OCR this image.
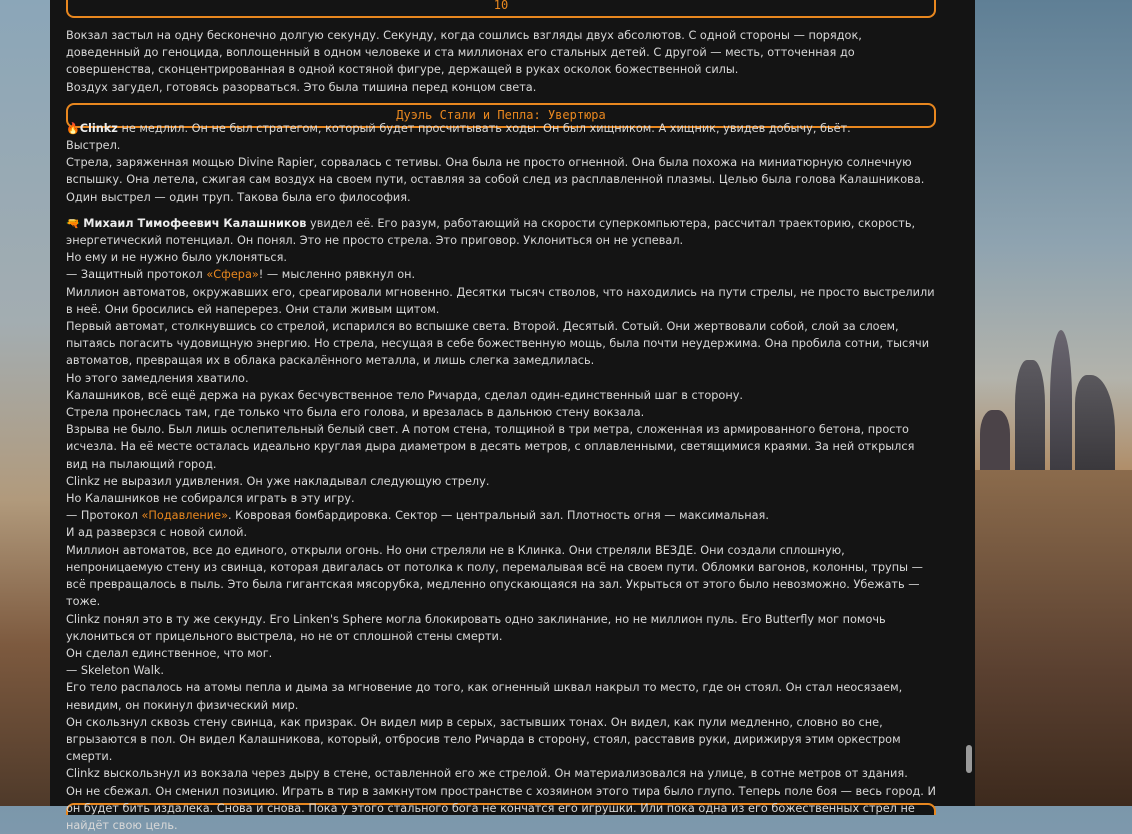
10
Дуэль Стали и Пепла: Увертюра

Вокзал застыл на одну бесконечно долгую секунду. Секунду, когда сошлись взгляды двух абсолютов. С одной стороны — порядок, доведенный до геноцида, воплощенный в одном человеке и ста миллионах его стальных детей. С другой — месть, отточенная до совершенства, сконцентрированная в одной костяной фигуре, держащей в руках осколок божественной силы.

Воздух загудел, готовясь разорваться. Это была тишина перед концом света.

🔥Clinkz не медлил. Он не был стратегом, который будет просчитывать ходы. Он был хищником. А хищник, увидев добычу, бьёт.

Выстрел.

Стрела, заряженная мощью Divine Rapier, сорвалась с тетивы. Она была не просто огненной. Она была похожа на миниатюрную солнечную вспышку. Она летела, сжигая сам воздух на своем пути, оставляя за собой след из расплавленной плазмы. Целью была голова Калашникова. Один выстрел — один труп. Такова была его философия.

🔫 Михаил Тимофеевич Калашников увидел её. Его разум, работающий на скорости суперкомпьютера, рассчитал траекторию, скорость, энергетический потенциал. Он понял. Это не просто стрела. Это приговор. Уклониться он не успевал.

Но ему и не нужно было уклоняться.

— Защитный протокол «Сфера»! — мысленно рявкнул он.

Миллион автоматов, окружавших его, среагировали мгновенно. Десятки тысяч стволов, что находились на пути стрелы, не просто выстрелили в неё. Они бросились ей наперерез. Они стали живым щитом.

Первый автомат, столкнувшись со стрелой, испарился во вспышке света. Второй. Десятый. Сотый. Они жертвовали собой, слой за слоем, пытаясь погасить чудовищную энергию. Но стрела, несущая в себе божественную мощь, была почти неудержима. Она пробила сотни, тысячи автоматов, превращая их в облака раскалённого металла, и лишь слегка замедлилась.

Но этого замедления хватило.

Калашников, всё ещё держа на руках бесчувственное тело Ричарда, сделал один-единственный шаг в сторону.

Стрела пронеслась там, где только что была его голова, и врезалась в дальнюю стену вокзала.

Взрыва не было. Был лишь ослепительный белый свет. А потом стена, толщиной в три метра, сложенная из армированного бетона, просто исчезла. На её месте осталась идеально круглая дыра диаметром в десять метров, с оплавленными, светящимися краями. За ней открылся вид на пылающий город.

Clinkz не выразил удивления. Он уже накладывал следующую стрелу.

Но Калашников не собирался играть в эту игру.

— Протокол «Подавление». Ковровая бомбардировка. Сектор — центральный зал. Плотность огня — максимальная.

И ад разверзся с новой силой.

Миллион автоматов, все до единого, открыли огонь. Но они стреляли не в Клинка. Они стреляли ВЕЗДЕ. Они создали сплошную, непроницаемую стену из свинца, которая двигалась от потолка к полу, перемалывая всё на своем пути. Обломки вагонов, колонны, трупы — всё превращалось в пыль. Это была гигантская мясорубка, медленно опускающаяся на зал. Укрыться от этого было невозможно. Убежать — тоже.

Clinkz понял это в ту же секунду. Его Linken's Sphere могла блокировать одно заклинание, но не миллион пуль. Его Butterfly мог помочь уклониться от прицельного выстрела, но не от сплошной стены смерти.

Он сделал единственное, что мог.

— Skeleton Walk.

Его тело распалось на атомы пепла и дыма за мгновение до того, как огненный шквал накрыл то место, где он стоял. Он стал неосязаем, невидим, он покинул физический мир.

Он скользнул сквозь стену свинца, как призрак. Он видел мир в серых, застывших тонах. Он видел, как пули медленно, словно во сне, вгрызаются в пол. Он видел Калашникова, который, отбросив тело Ричарда в сторону, стоял, расставив руки, дирижируя этим оркестром смерти.

Clinkz выскользнул из вокзала через дыру в стене, оставленной его же стрелой. Он материализовался на улице, в сотне метров от здания.

Он не сбежал. Он сменил позицию. Играть в тир в замкнутом пространстве с хозяином этого тира было глупо. Теперь поле боя — весь город. И он будет бить издалека. Снова и снова. Пока у этого стального бога не кончатся его игрушки. Или пока одна из его божественных стрел не найдёт свою цель.
